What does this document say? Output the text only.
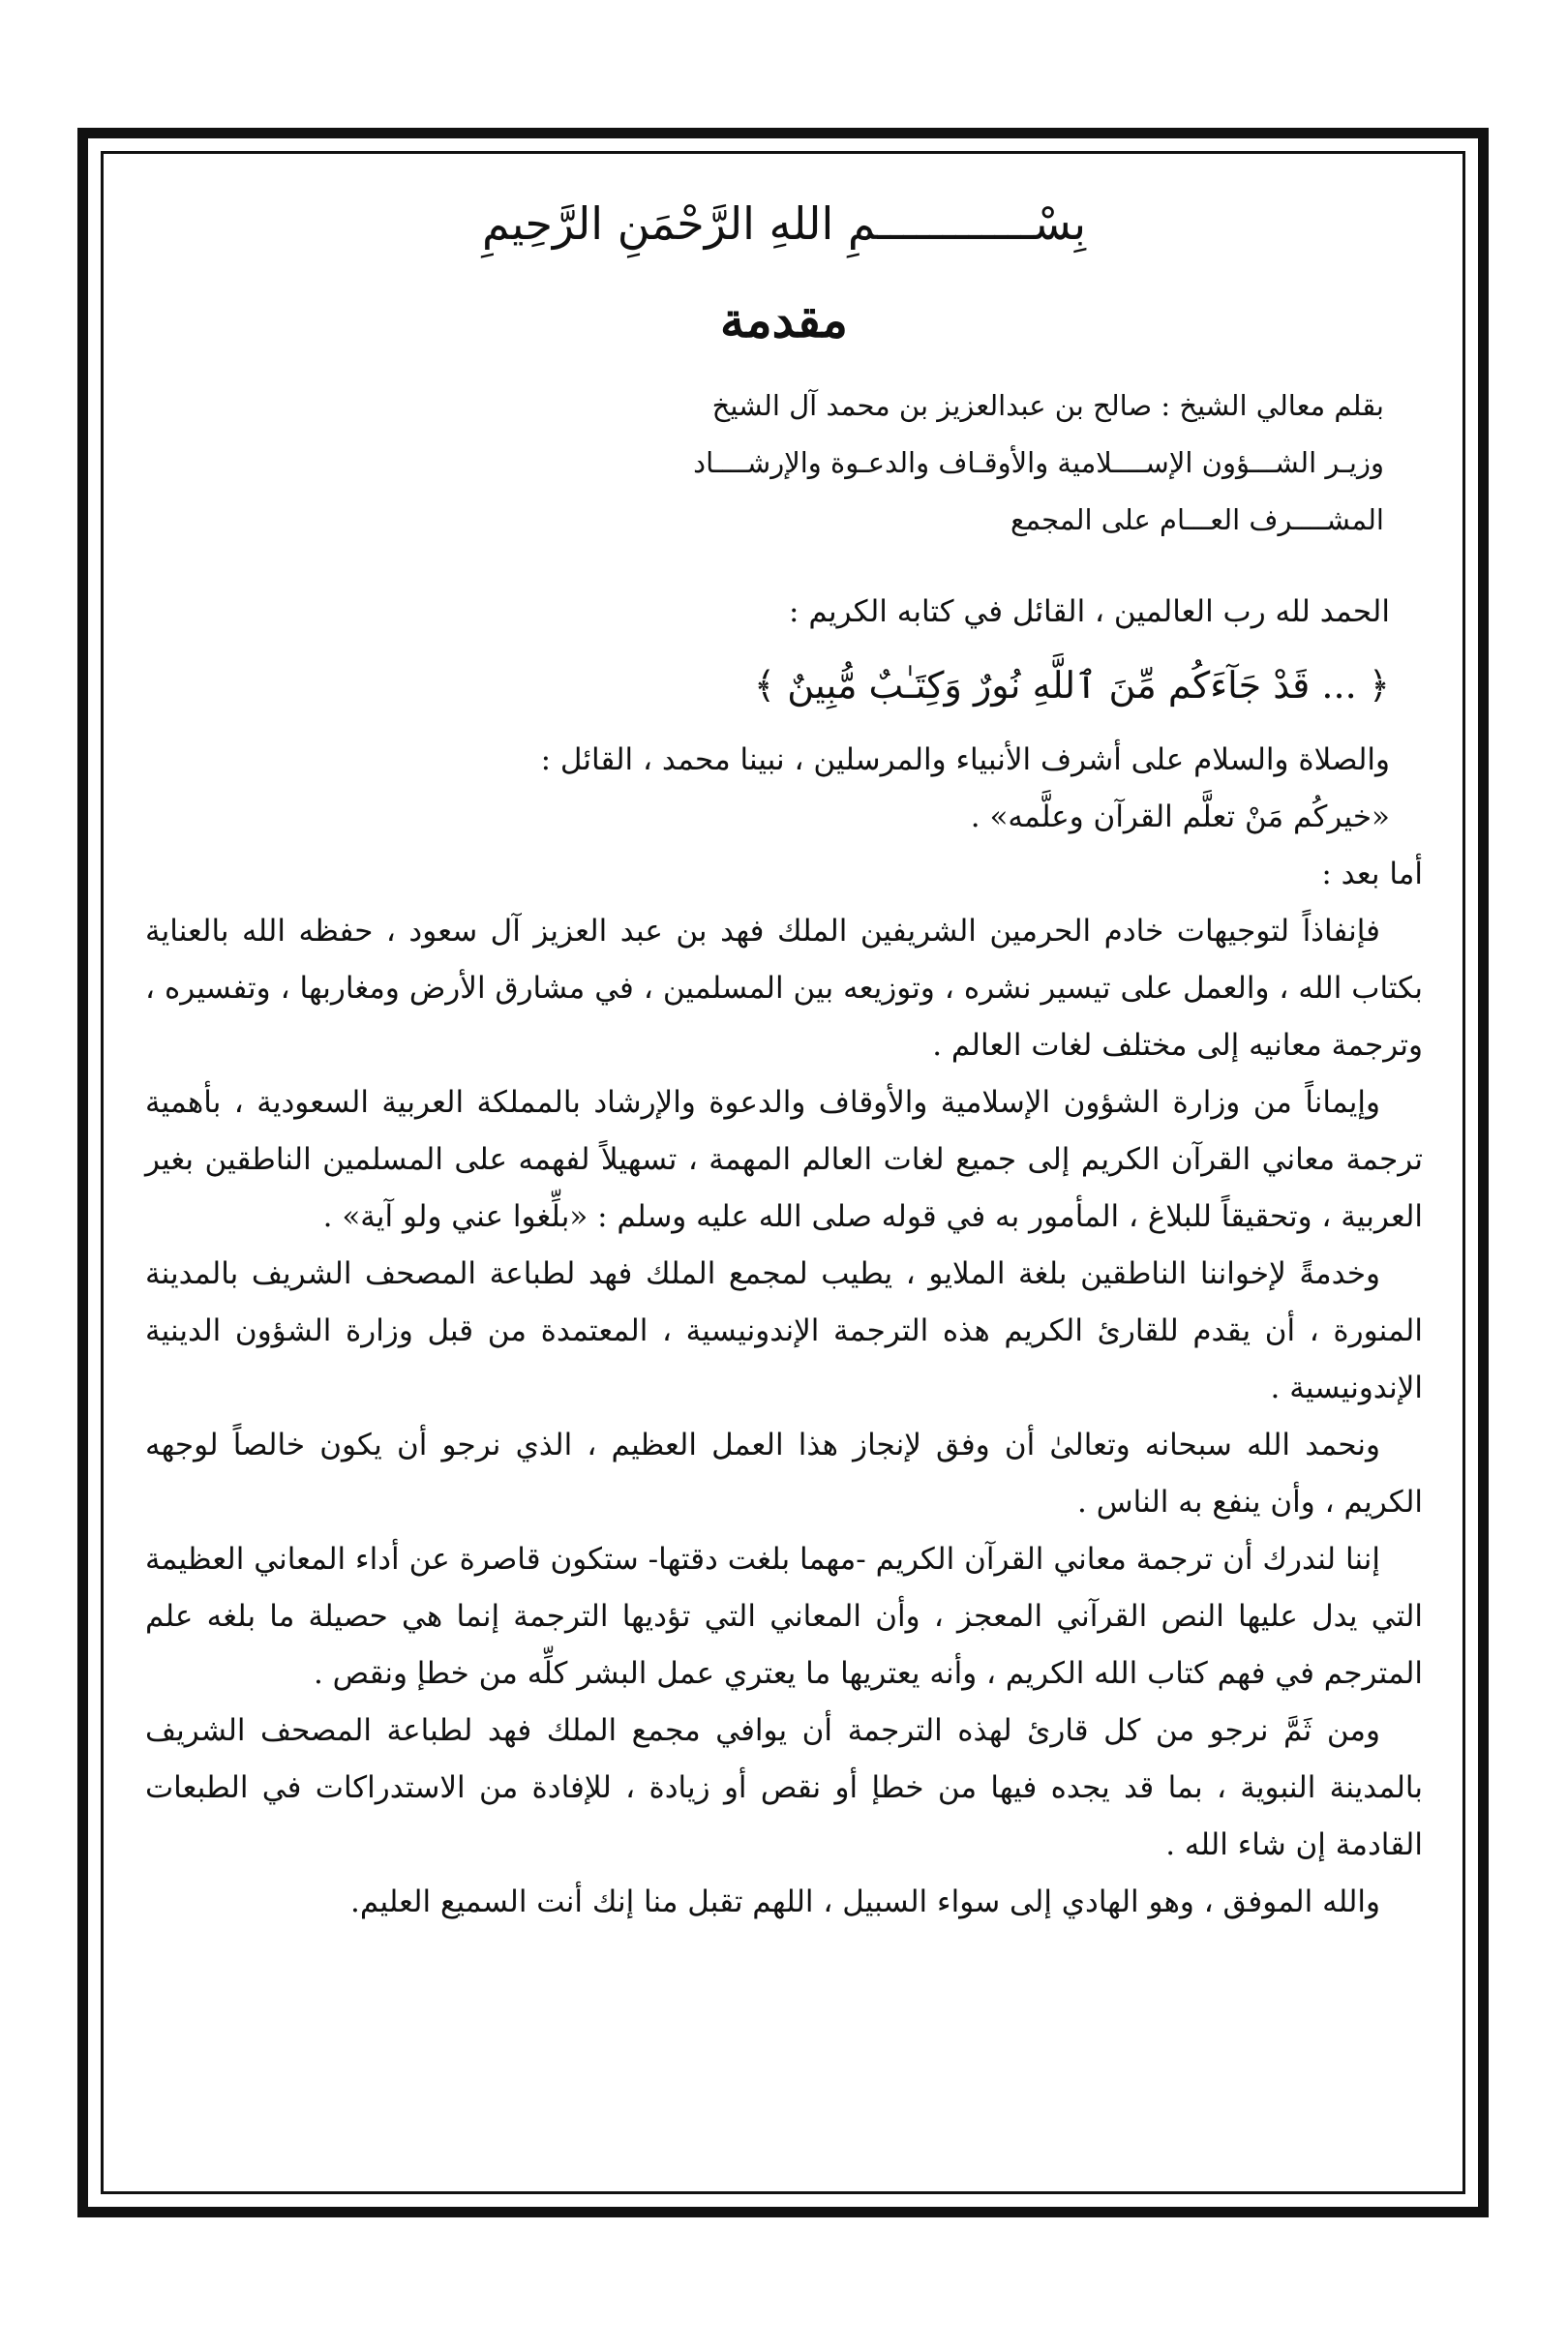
بِسْــــــــــــمِ اللهِ الرَّحْمَنِ الرَّحِيمِ
مقدمة
بقلم معالي الشيخ : صالح بن عبدالعزيز بن محمد آل الشيخ
وزيـر الشـــؤون الإســــلامية والأوقـاف والدعـوة والإرشــــاد
المشــــرف العـــام على المجمع
الحمد لله رب العالمين ، القائل في كتابه الكريم :
﴿ ... قَدْ جَآءَكُم مِّنَ ٱللَّهِ نُورٌ وَكِتَـٰبٌ مُّبِينٌ ﴾
والصلاة والسلام على أشرف الأنبياء والمرسلين ، نبينا محمد ، القائل :
«خيركُم مَنْ تعلَّم القرآن وعلَّمه» .
أما بعد :

فإنفاذاً لتوجيهات خادم الحرمين الشريفين الملك فهد بن عبد العزيز آل سعود ، حفظه الله بالعناية بكتاب الله ، والعمل على تيسير نشره ، وتوزيعه بين المسلمين ، في مشارق الأرض ومغاربها ، وتفسيره ، وترجمة معانيه إلى مختلف لغات العالم .

وإيماناً من وزارة الشؤون الإسلامية والأوقاف والدعوة والإرشاد بالمملكة العربية السعودية ، بأهمية ترجمة معاني القرآن الكريم إلى جميع لغات العالم المهمة ، تسهيلاً لفهمه على المسلمين الناطقين بغير العربية ، وتحقيقاً للبلاغ ، المأمور به في قوله صلى الله عليه وسلم : «بلِّغوا عني ولو آية» .

وخدمةً لإخواننا الناطقين بلغة الملايو ، يطيب لمجمع الملك فهد لطباعة المصحف الشريف بالمدينة المنورة ، أن يقدم للقارئ الكريم هذه الترجمة الإندونيسية ، المعتمدة من قبل وزارة الشؤون الدينية الإندونيسية .

ونحمد الله سبحانه وتعالىٰ أن وفق لإنجاز هذا العمل العظيم ، الذي نرجو أن يكون خالصاً لوجهه الكريم ، وأن ينفع به الناس .

إننا لندرك أن ترجمة معاني القرآن الكريم -مهما بلغت دقتها- ستكون قاصرة عن أداء المعاني العظيمة التي يدل عليها النص القرآني المعجز ، وأن المعاني التي تؤديها الترجمة إنما هي حصيلة ما بلغه علم المترجم في فهم كتاب الله الكريم ، وأنه يعتريها ما يعتري عمل البشر كلِّه من خطإ ونقص .

ومن ثَمَّ نرجو من كل قارئ لهذه الترجمة أن يوافي مجمع الملك فهد لطباعة المصحف الشريف بالمدينة النبوية ، بما قد يجده فيها من خطإ أو نقص أو زيادة ، للإفادة من الاستدراكات في الطبعات القادمة إن شاء الله .

والله الموفق ، وهو الهادي إلى سواء السبيل ، اللهم تقبل منا إنك أنت السميع العليم.
